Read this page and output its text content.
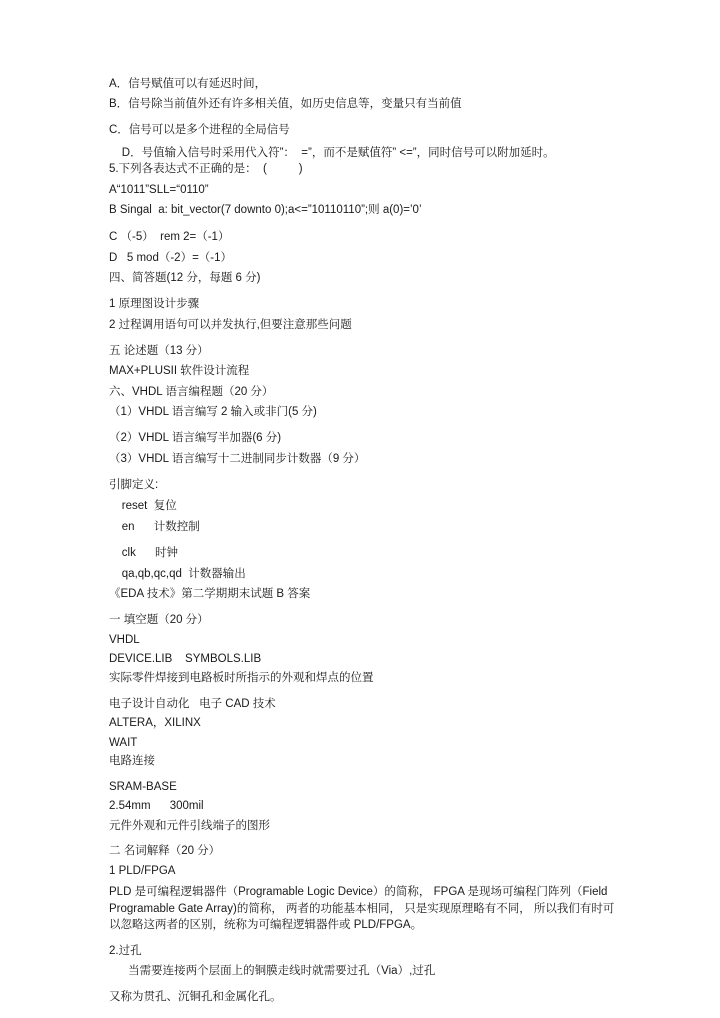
A．信号赋值可以有延迟时间，
B．信号除当前值外还有许多相关值，如历史信息等，变量只有当前值
C．信号可以是多个进程的全局信号
D．号值输入信号时采用代入符”：  =”，而不是赋值符” <=”，同时信号可以附加延时。
5.下列各表达式不正确的是：  (          )
A“1011”SLL=“0110”
B Singal  a: bit_vector(7 downto 0);a<=”10110110”;则 a(0)=’0’
C （-5）  rem 2=（-1）
D   5 mod（-2）=（-1）
四、简答题(12 分，每题 6 分)
1 原理图设计步骤
2 过程调用语句可以并发执行,但要注意那些问题
五 论述题（13 分）
MAX+PLUSII 软件设计流程
六、VHDL 语言编程题（20 分）
（1）VHDL 语言编写 2 输入或非门(5 分)
（2）VHDL 语言编写半加器(6 分)
（3）VHDL 语言编写十二进制同步计数器（9 分）
引脚定义:
reset  复位
en      计数控制
clk      时钟
qa,qb,qc,qd  计数器输出
《EDA 技术》第二学期期末试题 B 答案
一 填空题（20 分）
VHDL
DEVICE.LIB    SYMBOLS.LIB
实际零件焊接到电路板时所指示的外观和焊点的位置
电子设计自动化   电子 CAD 技术
ALTERA，XILINX
WAIT
电路连接
SRAM-BASE
2.54mm      300mil
元件外观和元件引线端子的图形
二 名词解释（20 分）
1 PLD/FPGA
PLD 是可编程逻辑器件（Programable Logic Device）的简称， FPGA 是现场可编程门阵列（Field Programable Gate Array)的简称， 两者的功能基本相同， 只是实现原理略有不同， 所以我们有时可以忽略这两者的区别，统称为可编程逻辑器件或 PLD/FPGA。
2.过孔
当需要连接两个层面上的铜膜走线时就需要过孔（Via）,过孔
又称为贯孔、沉铜孔和金属化孔。
